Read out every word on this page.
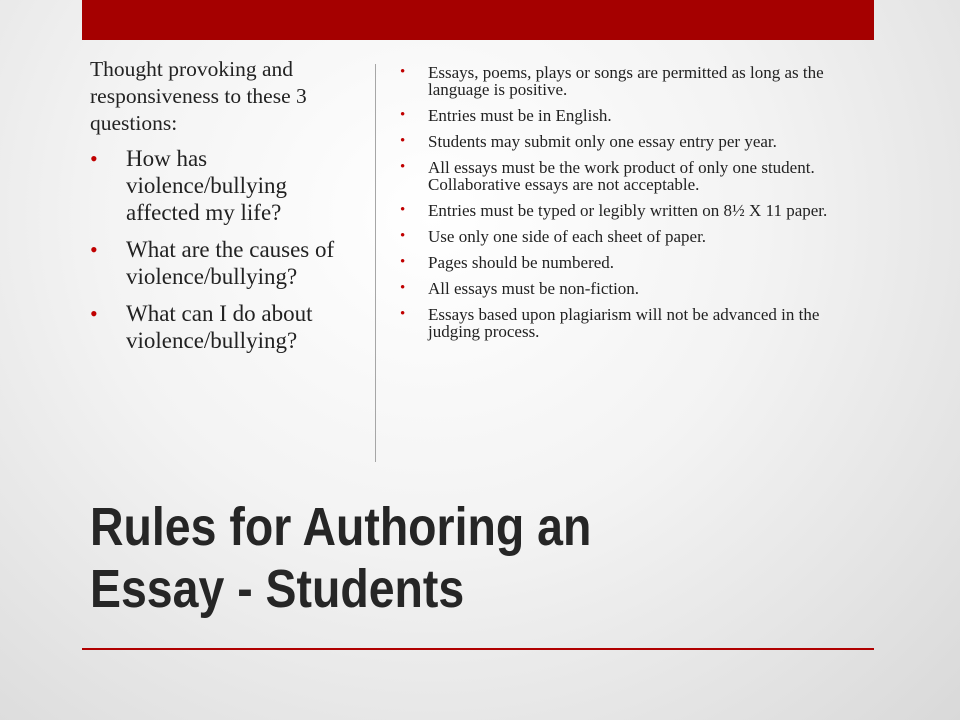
Thought provoking and responsiveness to these 3 questions:

• How has violence/bullying affected my life?
• What are the causes of violence/bullying?
• What can I do about violence/bullying?
• Essays, poems, plays or songs are permitted as long as the language is positive.
• Entries must be in English.
• Students may submit only one essay entry per year.
• All essays must be the work product of only one student. Collaborative essays are not acceptable.
• Entries must be typed or legibly written on 8½ X 11 paper.
• Use only one side of each sheet of paper.
• Pages should be numbered.
• All essays must be non-fiction.
• Essays based upon plagiarism will not be advanced in the judging process.
Rules for Authoring an
Essay - Students
